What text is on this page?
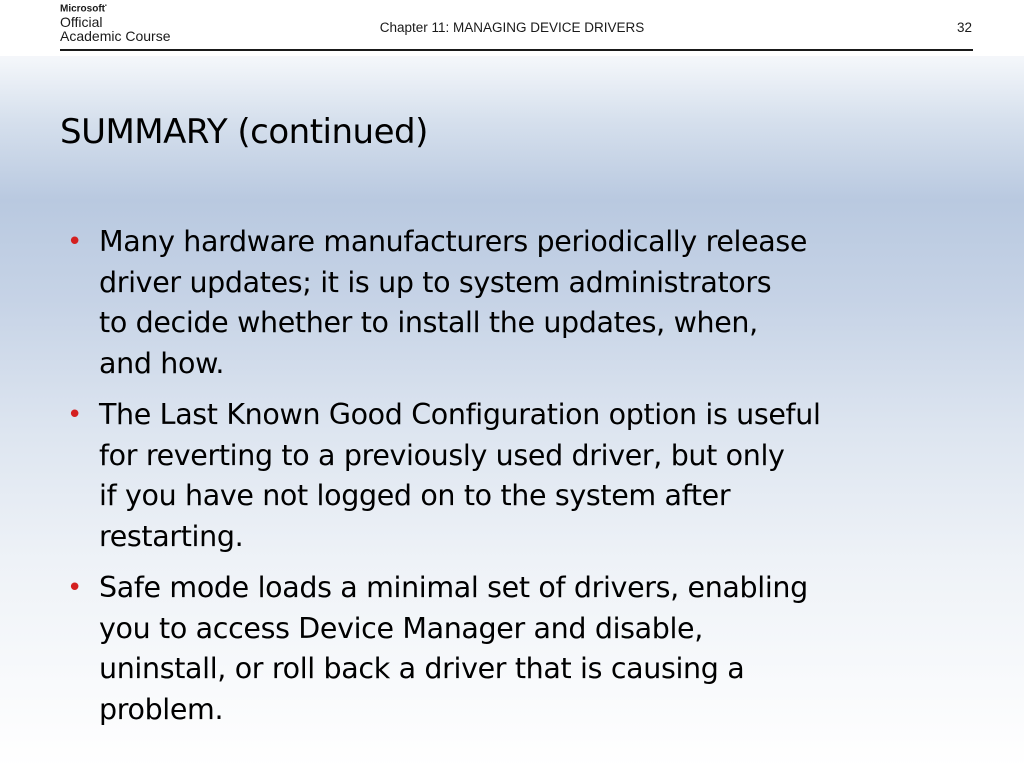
Microsoft•
Official
Academic Course
Chapter 11: MANAGING DEVICE DRIVERS	32
SUMMARY (continued)
• Many hardware manufacturers periodically release
driver updates; it is up to system administrators
to decide whether to install the updates, when,
and how.
• The Last Known Good Configuration option is useful
for reverting to a previously used driver, but only
if you have not logged on to the system after
restarting.
• Safe mode loads a minimal set of drivers, enabling
you to access Device Manager and disable,
uninstall, or roll back a driver that is causing a
problem.
